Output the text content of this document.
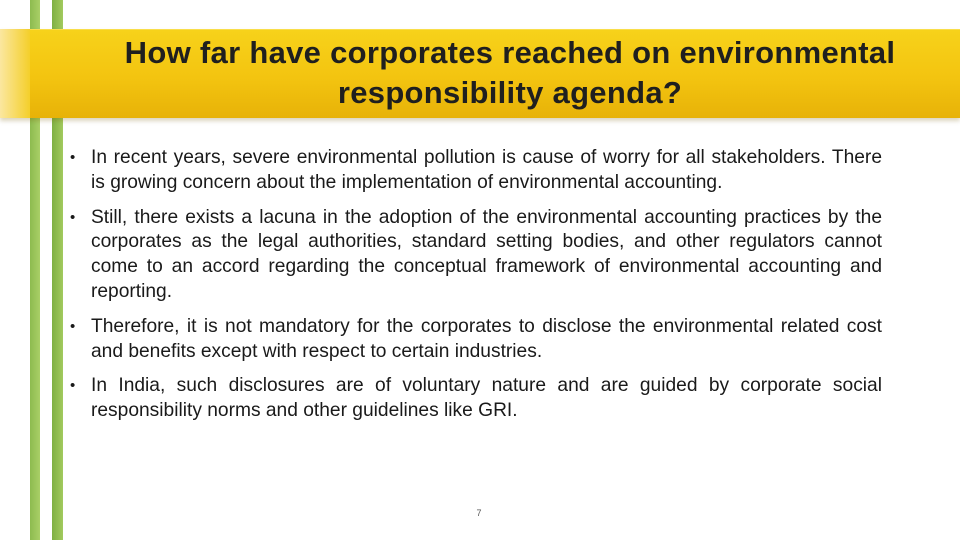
How far have corporates reached on environmental
responsibility agenda?
• In recent years, severe environmental pollution is cause of worry for all stakeholders. There is growing concern about the implementation of environmental accounting.
• Still, there exists a lacuna in the adoption of the environmental accounting practices by the corporates as the legal authorities, standard setting bodies, and other regulators cannot come to an accord regarding the conceptual framework of environmental accounting and reporting.
• Therefore, it is not mandatory for the corporates to disclose the environmental related cost and benefits except with respect to certain industries.
• In India, such disclosures are of voluntary nature and are guided by corporate social responsibility norms and other guidelines like GRI.
7
